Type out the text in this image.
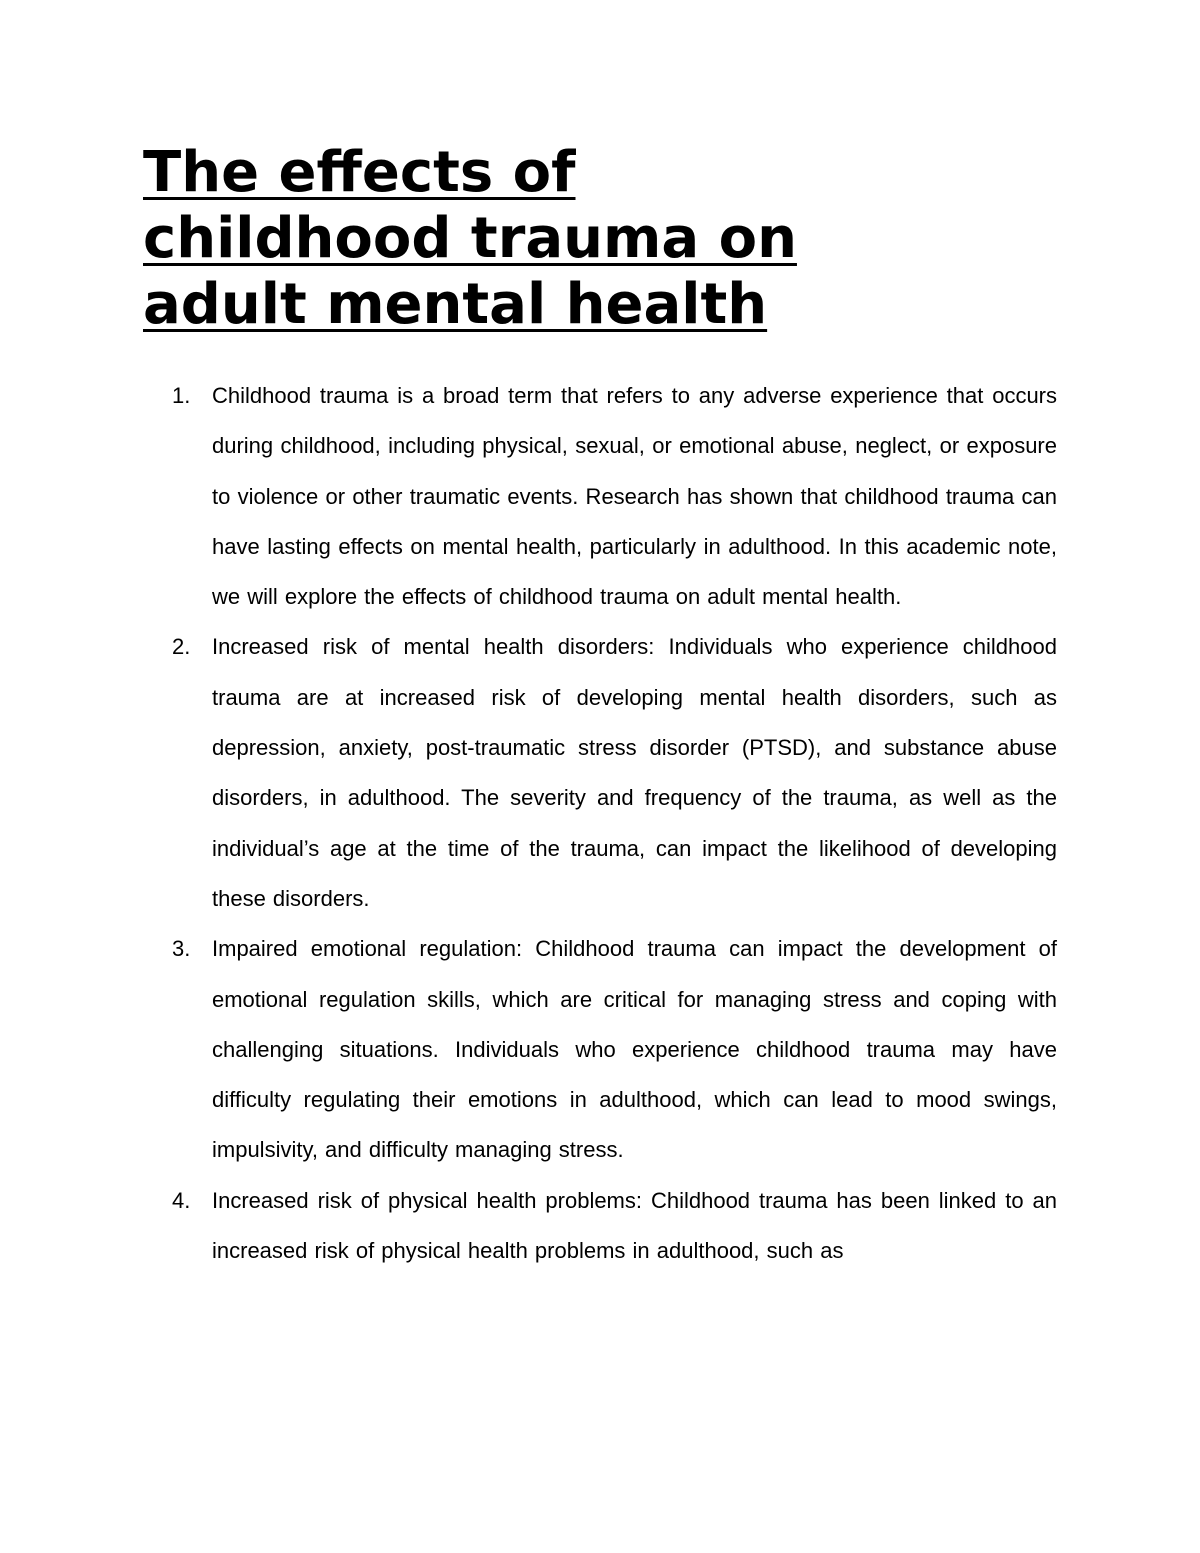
The effects of childhood trauma on adult mental health
1. Childhood trauma is a broad term that refers to any adverse experience that occurs during childhood, including physical, sexual, or emotional abuse, neglect, or exposure to violence or other traumatic events. Research has shown that childhood trauma can have lasting effects on mental health, particularly in adulthood. In this academic note, we will explore the effects of childhood trauma on adult mental health.
2. Increased risk of mental health disorders: Individuals who experience childhood trauma are at increased risk of developing mental health disorders, such as depression, anxiety, post-traumatic stress disorder (PTSD), and substance abuse disorders, in adulthood. The severity and frequency of the trauma, as well as the individual’s age at the time of the trauma, can impact the likelihood of developing these disorders.
3. Impaired emotional regulation: Childhood trauma can impact the development of emotional regulation skills, which are critical for managing stress and coping with challenging situations. Individuals who experience childhood trauma may have difficulty regulating their emotions in adulthood, which can lead to mood swings, impulsivity, and difficulty managing stress.
4. Increased risk of physical health problems: Childhood trauma has been linked to an increased risk of physical health problems in adulthood, such as
